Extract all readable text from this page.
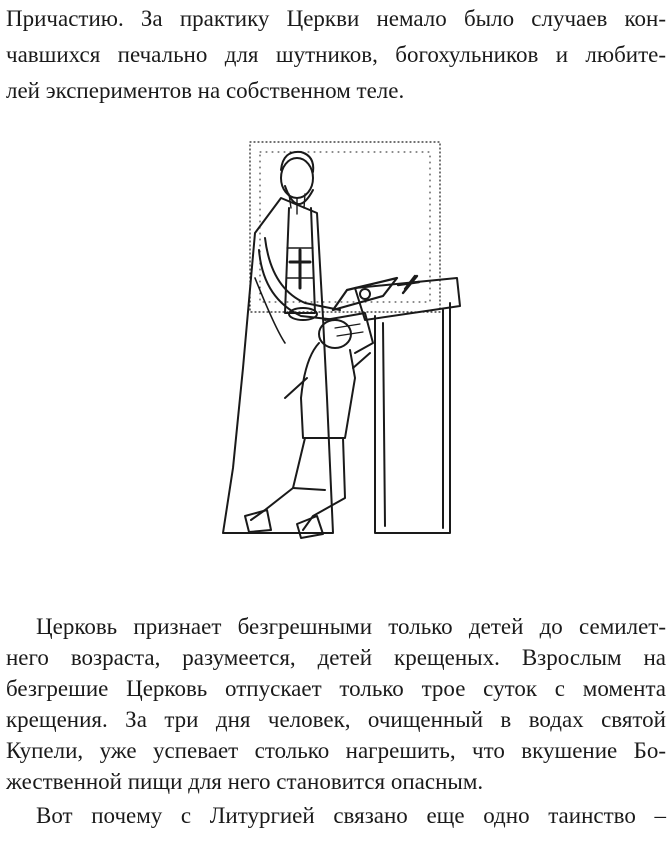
Причастию. За практику Церкви немало было случаев кон-
чавшихся печально для шутников, богохульников и любите-
лей экспериментов на собственном теле.
Церковь признает безгрешными только детей до семилет-
него возраста, разумеется, детей крещеных. Взрослым на
безгрешие Церковь отпускает только трое суток с момента
крещения. За три дня человек, очищенный в водах святой
Купели, уже успевает столько нагрешить, что вкушение Бо-
жественной пищи для него становится опасным.
Вот почему с Литургией связано еще одно таинство –
